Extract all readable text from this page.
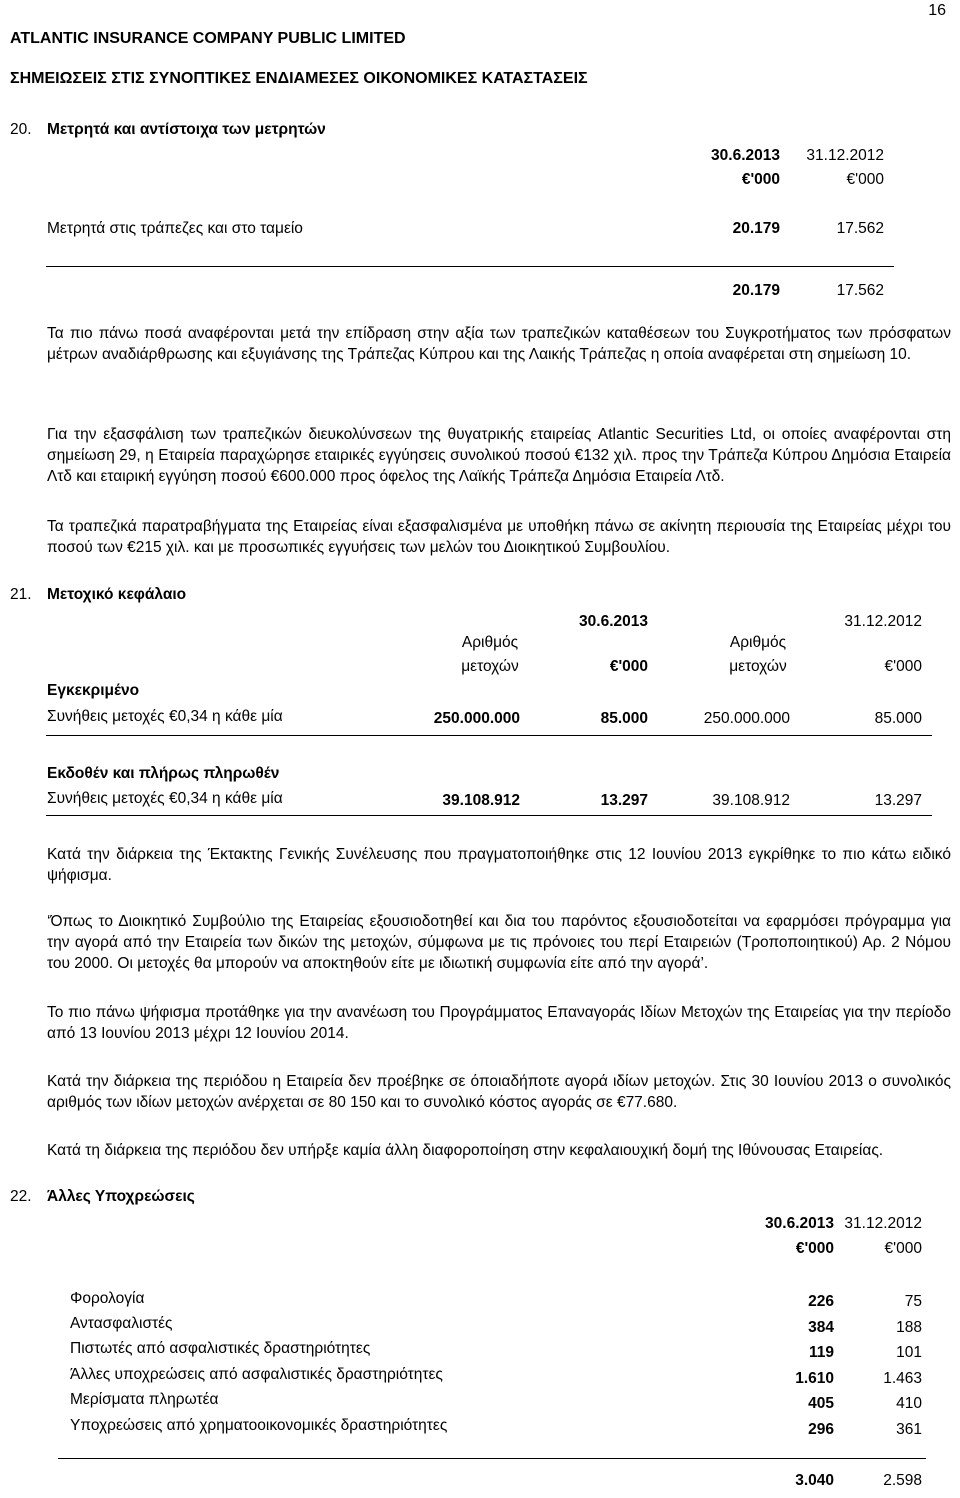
16
ATLANTIC INSURANCE COMPANY PUBLIC LIMITED
ΣΗΜΕΙΩΣΕΙΣ ΣΤΙΣ ΣΥΝΟΠΤΙΚΕΣ ΕΝΔΙΑΜΕΣΕΣ ΟΙΚΟΝΟΜΙΚΕΣ ΚΑΤΑΣΤΑΣΕΙΣ
20. Μετρητά και αντίστοιχα των μετρητών
30.6.2013	31.12.2012
€'000	€'000
Μετρητά στις τράπεζες και στο ταμείο	20.179	17.562
20.179	17.562
Τα πιο πάνω ποσά αναφέρονται μετά την επίδραση στην αξία των τραπεζικών καταθέσεων του Συγκροτήματος των πρόσφατων μέτρων αναδιάρθρωσης και εξυγιάνσης της Τράπεζας Κύπρου και της Λαικής Τράπεζας η οποία αναφέρεται στη σημείωση 10.
Για την εξασφάλιση των τραπεζικών διευκολύνσεων της θυγατρικής εταιρείας Atlantic Securities Ltd, οι οποίες αναφέρονται στη σημείωση 29, η Εταιρεία παραχώρησε εταιρικές εγγύησεις συνολικού ποσού €132 χιλ. προς την Τράπεζα Κύπρου Δημόσια Εταιρεία Λτδ και εταιρική εγγύηση ποσού €600.000 προς όφελος της Λαϊκής Τράπεζα Δημόσια Εταιρεία Λτδ.
Τα τραπεζικά παρατραβήγματα της Εταιρείας είναι εξασφαλισμένα με υποθήκη πάνω σε ακίνητη περιουσία της Εταιρείας μέχρι του ποσού των €215 χιλ. και με προσωπικές εγγυήσεις των μελών του Διοικητικού Συμβουλίου.
21. Μετοχικό κεφάλαιο
30.6.2013	31.12.2012
Αριθμός	Αριθμός
μετοχών	€'000	μετοχών	€'000
Εγκεκριμένο
Συνήθεις μετοχές €0,34 η κάθε μία	250.000.000	85.000	250.000.000	85.000
Εκδοθέν και πλήρως πληρωθέν
Συνήθεις μετοχές €0,34 η κάθε μία	39.108.912	13.297	39.108.912	13.297
Κατά την διάρκεια της Έκτακτης Γενικής Συνέλευσης που πραγματοποιήθηκε στις 12 Ιουνίου 2013 εγκρίθηκε το πιο κάτω ειδικό ψήφισμα.
‘Όπως το Διοικητικό Συμβούλιο της Εταιρείας εξουσιοδοτηθεί και δια του παρόντος εξουσιοδοτείται να εφαρμόσει πρόγραμμα για την αγορά από την Εταιρεία των δικών της μετοχών, σύμφωνα με τις πρόνοιες του περί Εταιρειών (Τροποποιητικού) Αρ. 2 Νόμου του 2000. Οι μετοχές θα μπορούν να αποκτηθούν είτε με ιδιωτική συμφωνία είτε από την αγορά’.
Το πιο πάνω ψήφισμα προτάθηκε για την ανανέωση του Προγράμματος Επαναγοράς Ιδίων Μετοχών της Εταιρείας για την περίοδο από 13 Ιουνίου 2013 μέχρι 12 Ιουνίου 2014.
Κατά την διάρκεια της περιόδου η Εταιρεία δεν προέβηκε σε όποιαδήποτε αγορά ιδίων μετοχών. Στις 30 Ιουνίου 2013 ο συνολικός αριθμός των ιδίων μετοχών ανέρχεται σε 80 150 και το συνολικό κόστος αγοράς σε €77.680.
Κατά τη διάρκεια της περιόδου δεν υπήρξε καμία άλλη διαφοροποίηση στην κεφαλαιουχική δομή της Ιθύνουσας Εταιρείας.
22. Άλλες Υποχρεώσεις
30.6.2013 31.12.2012
€'000	€'000
Φορολογία	226	75
Αντασφαλιστές	384	188
Πιστωτές από ασφαλιστικές δραστηριότητες	119	101
Άλλες υποχρεώσεις από ασφαλιστικές δραστηριότητες	1.610	1.463
Μερίσματα πληρωτέα	405	410
Υποχρεώσεις από χρηματοοικονομικές δραστηριότητες	296	361
3.040	2.598
